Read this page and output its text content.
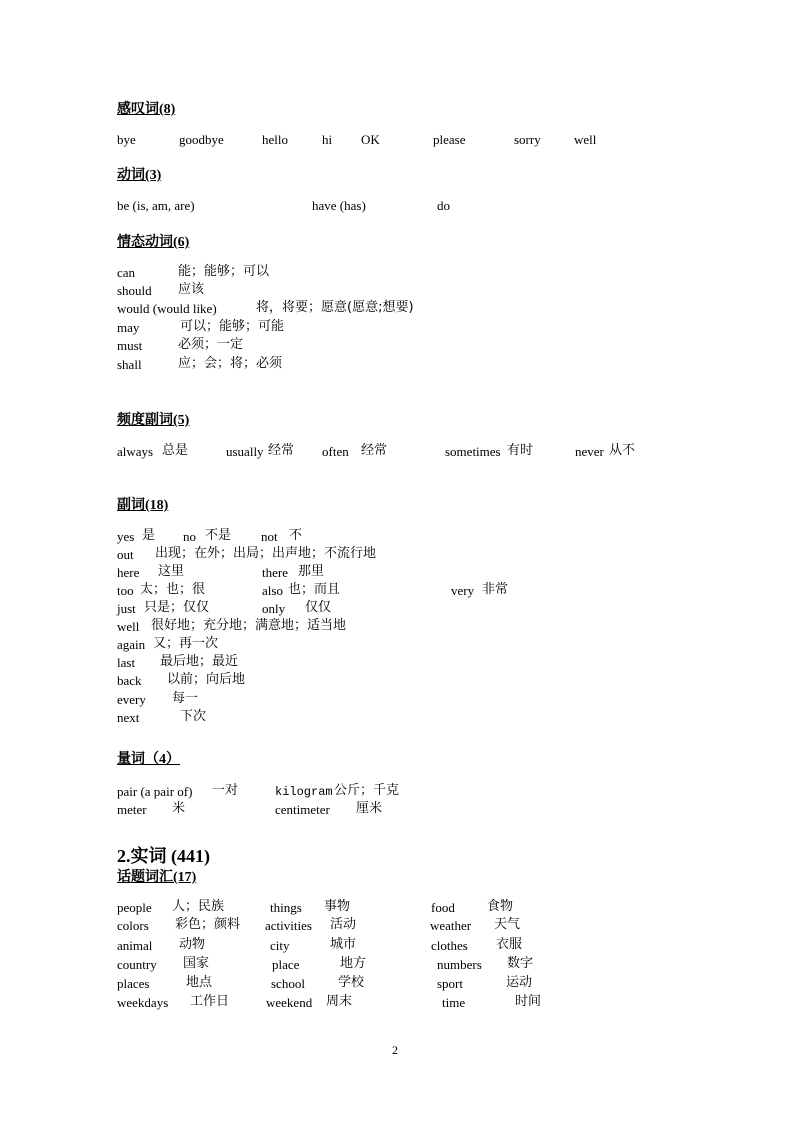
感叹词(8)
bye	goodbye	hello	hi OK	please	sorry	well
动词(3)
be (is, am, are)	have (has)	do
情态动词(6)
can	能；能够；可以
should 应该
would (would like)	将，将要；愿意(愿意;想要)
may	可以；能够；可能
must	必须；一定
shall	应；会；将；必须
频度副词(5)
always 总是	usually 经常 often 经常	sometimes 有时	never 从不
副词(18)
yes 是 no 不是 not 不
out 出现；在外；出局；出声地；不流行地
here 这里	there 那里
too 太；也；很	also 也；而且	very 非常
just 只是；仅仅	only 仅仅
well 很好地；充分地；满意地；适当地
again 又；再一次
last 最后地；最近
back 以前；向后地
every 每一
next	下次
量词（4）
pair (a pair of) 一对	kilogram 公斤；千克
meter 米	centimeter 厘米
2.实词 (441)
话题词汇(17)
people 人；民族	things 事物	food 食物
colors 彩色；颜料 activities 活动	weather 天气
animal 动物	city	城市	clothes 衣服
country 国家	place	地方	numbers 数字
places	地点	school	学校	sport	运动
weekdays 工作日	weekend 周末	time	时间
2
